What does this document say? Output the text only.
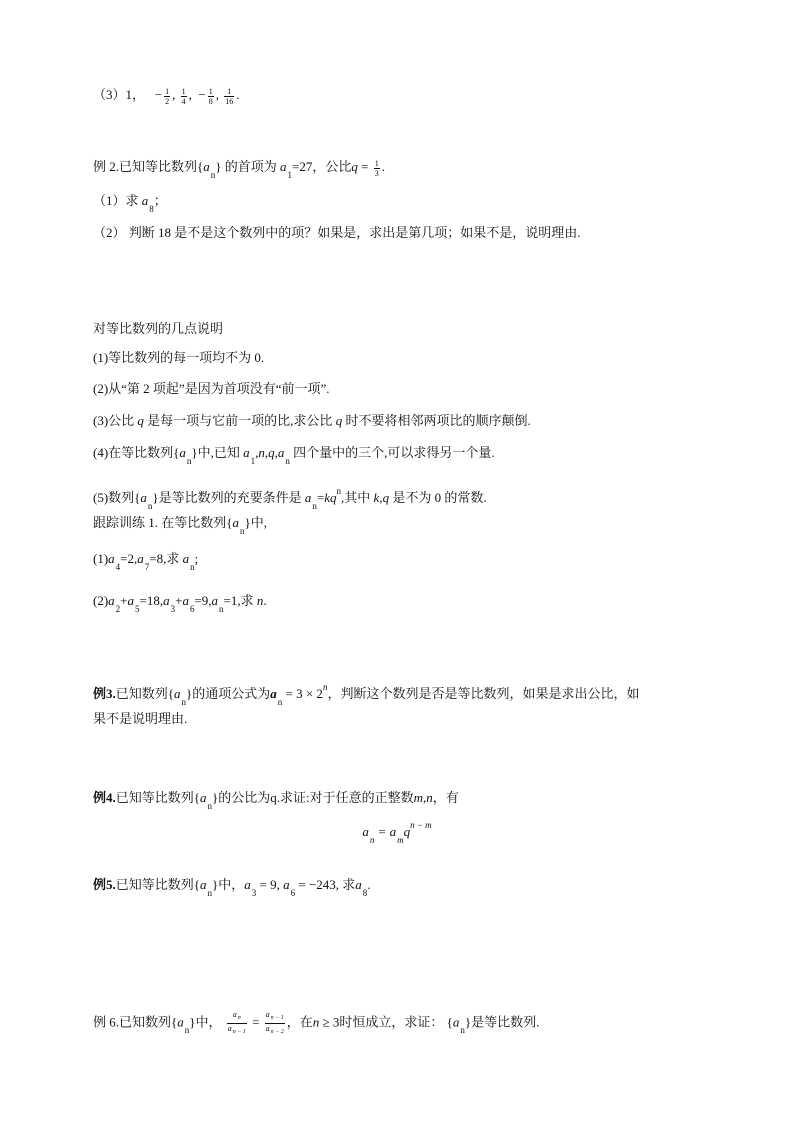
（3）1， − $\frac{1}{2}$ , $\frac{1}{4}$ ,  − $\frac{1}{8}$ , $\frac{1}{16}$ .
例 2.已知等比数列$\{a_n\}$ 的首项为 $a_1=27$，公比$q = \frac{1}{3}$ .
（1）求 $a_8$；
（2） 判断 18 是不是这个数列中的项？如果是，求出是第几项；如果不是，说明理由.
对等比数列的几点说明
(1)等比数列的每一项均不为 0.
(2)从“第 2 项起”是因为首项没有“前一项”.
(3)公比 q 是每一项与它前一项的比,求公比 q 时不要将相邻两项比的顺序颠倒.
(4)在等比数列$\{a_n\}$中,已知 $a_1,n,q,a_n$ 四个量中的三个,可以求得另一个量.
(5)数列$\{a_n\}$是等比数列的充要条件是 $a_n=kq^n$,其中 k,q 是不为 0 的常数.
跟踪训练 1. 在等比数列$\{a_n\}$中,
$(1)a_4=2,a_7=8$,求 $a_n$;
$(2)a_2+a_5=18,a_3+a_6=9,a_n=1$,求 n.
例3.已知数列$\{a_n\}$的通项公式为$a_n = 3 \times 2^n$，判断这个数列是否是等比数列，如果是求出公比，如
果不是说明理由.
例4.已知等比数列$\{a_n\}$的公比为q.求证:对于任意的正整数m,n，有
$a_n = a_mq^{n - m}$
例5.已知等比数列$\{a_n\}$中，$a_3 = 9$, $a_6 = -243$, 求$a_8$.
例 6.已知数列$\{a_n\}$中， $\frac{a_n}{a_{n - 1}} = \frac{a_{n - 1}}{a_{n - 2}}$ ，在n ≥ 3时恒成立，求证： $\{a_n\}$是等比数列.
